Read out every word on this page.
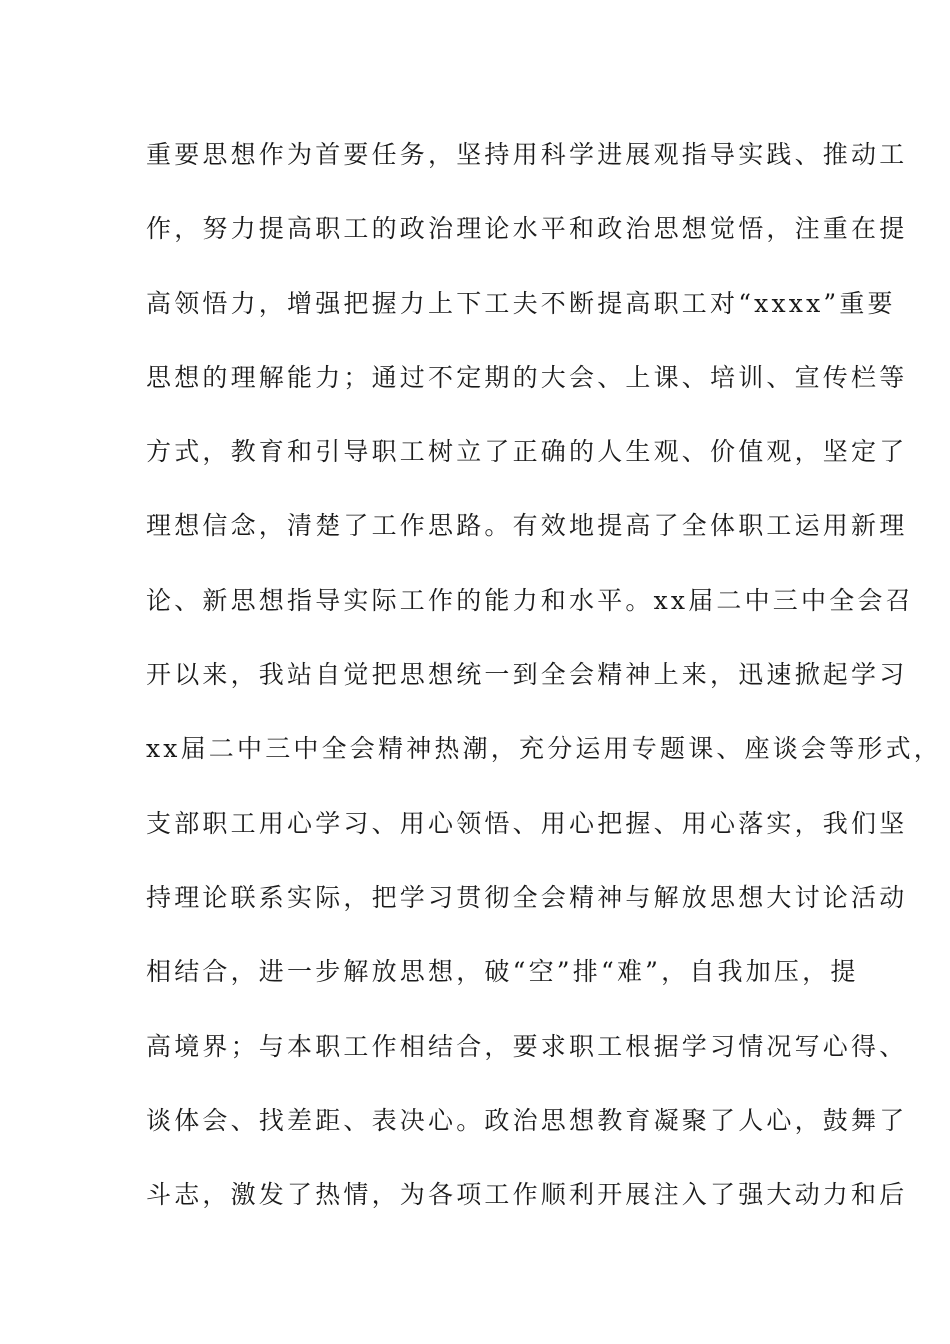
重要思想作为首要任务，坚持用科学进展观指导实践、推动工
作，努力提高职工的政治理论水平和政治思想觉悟，注重在提
高领悟力，增强把握力上下工夫不断提高职工对“xxxx”重要
思想的理解能力；通过不定期的大会、上课、培训、宣传栏等
方式，教育和引导职工树立了正确的人生观、价值观，坚定了
理想信念，清楚了工作思路。有效地提高了全体职工运用新理
论、新思想指导实际工作的能力和水平。xx届二中三中全会召
开以来，我站自觉把思想统一到全会精神上来，迅速掀起学习
xx届二中三中全会精神热潮，充分运用专题课、座谈会等形式，
支部职工用心学习、用心领悟、用心把握、用心落实，我们坚
持理论联系实际，把学习贯彻全会精神与解放思想大讨论活动
相结合，进一步解放思想，破“空”排“难”，自我加压，提
高境界；与本职工作相结合，要求职工根据学习情况写心得、
谈体会、找差距、表决心。政治思想教育凝聚了人心，鼓舞了
斗志，激发了热情，为各项工作顺利开展注入了强大动力和后
